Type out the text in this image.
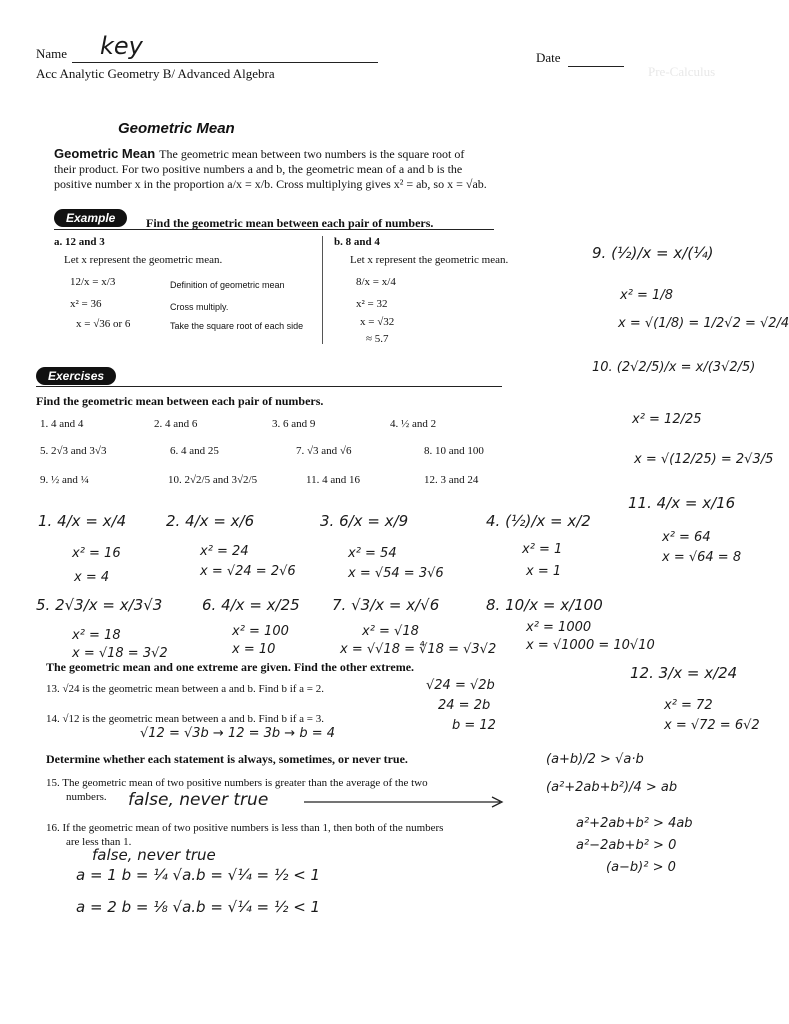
Name key	Date
Acc Analytic Geometry B/ Advanced Algebra	Pre-Calculus
Geometric Mean
Geometric Mean The geometric mean between two numbers is the square root of
their product. For two positive numbers a and b, the geometric mean of a and b is the
positive number x in the proportion a/x = x/b. Cross multiplying gives x² = ab, so x = √ab.
Example	Find the geometric mean between each pair of numbers.
a. 12 and 3
Let x represent the geometric mean.
12/x = x/3	Definition of geometric mean
x² = 36	Cross multiply.
x = √36 or 6	Take the square root of each side
b. 8 and 4
Let x represent the geometric mean.
8/x = x/4
x² = 32
x = √32
≈ 5.7
Exercises
Find the geometric mean between each pair of numbers.
1. 4 and 4	2. 4 and 6	3. 6 and 9	4. ½ and 2
5. 2√3 and 3√3	6. 4 and 25	7. √3 and √6	8. 10 and 100
9. ½ and ¼	10. 2√2/5 and 3√2/5	11. 4 and 16	12. 3 and 24
1. 4/x = x/4
x² = 16
x = 4
2. 4/x = x/6
x² = 24
x = √24 = 2√6
3. 6/x = x/9
x² = 54
x = √54 = 3√6
4. (½)/x = x/2
x² = 1
x = 1
5. 2√3/x = x/3√3
x² = 18
x = √18 = 3√2
6. 4/x = x/25
x² = 100
x = 10
7. √3/x = x/√6
x² = √18
x = √√18 = ∜18 = √3√2
8. 10/x = x/100
x² = 1000
x = √1000 = 10√10
9. (½)/x = x/(¼)
x² = 1/8
x = √(1/8) = 1/2√2 = √2/4
10. (2√2/5)/x = x/(3√2/5)
x² = 12/25
x = √(12/25) = 2√3/5
11. 4/x = x/16
x² = 64
x = √64 = 8
12. 3/x = x/24
x² = 72
x = √72 = 6√2
The geometric mean and one extreme are given. Find the other extreme.
13. √24 is the geometric mean between a and b. Find b if a = 2.	√24 = √2b
24 = 2b
b = 12
14. √12 is the geometric mean between a and b. Find b if a = 3.
√12 = √3b → 12 = 3b → b = 4
Determine whether each statement is always, sometimes, or never true.
15. The geometric mean of two positive numbers is greater than the average of the two
numbers. false, never true
16. If the geometric mean of two positive numbers is less than 1, then both of the numbers
are less than 1.
false, never true
a = 1 b = ¼ √a.b = √¼ = ½ < 1
a = 2 b = ⅛ √a.b = √¼ = ½ < 1
(a+b)/2 > √a·b
(a²+2ab+b²)/4 > ab
a²+2ab+b² > 4ab
a²−2ab+b² > 0
(a−b)² > 0
